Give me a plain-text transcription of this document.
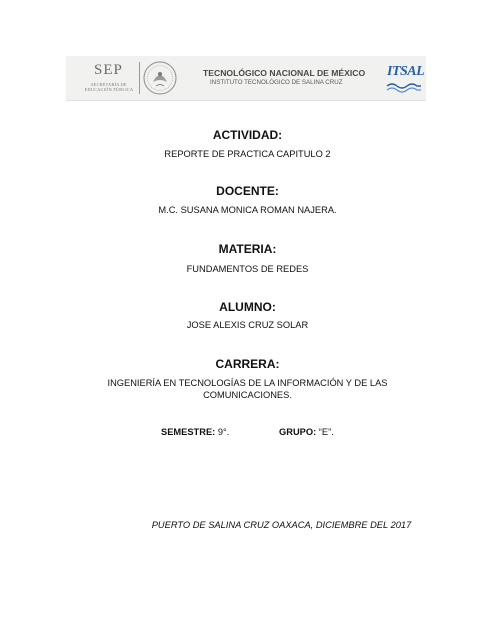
SEP
SECRETARÍA DE EDUCACIÓN PÚBLICA
TECNOLÓGICO NACIONAL DE MÉXICO
INSTITUTO TECNOLÓGICO DE SALINA CRUZ
ITSAL
ACTIVIDAD:
REPORTE DE PRACTICA CAPITULO 2
DOCENTE:
M.C. SUSANA MONICA ROMAN NAJERA.
MATERIA:
FUNDAMENTOS DE REDES
ALUMNO:
JOSE ALEXIS CRUZ SOLAR
CARRERA:
INGENIERÍA EN TECNOLOGÍAS DE LA INFORMACIÓN Y DE LAS
COMUNICACIONES.
SEMESTRE: 9°.	GRUPO: “E”.
PUERTO DE SALINA CRUZ OAXACA, DICIEMBRE DEL 2017
